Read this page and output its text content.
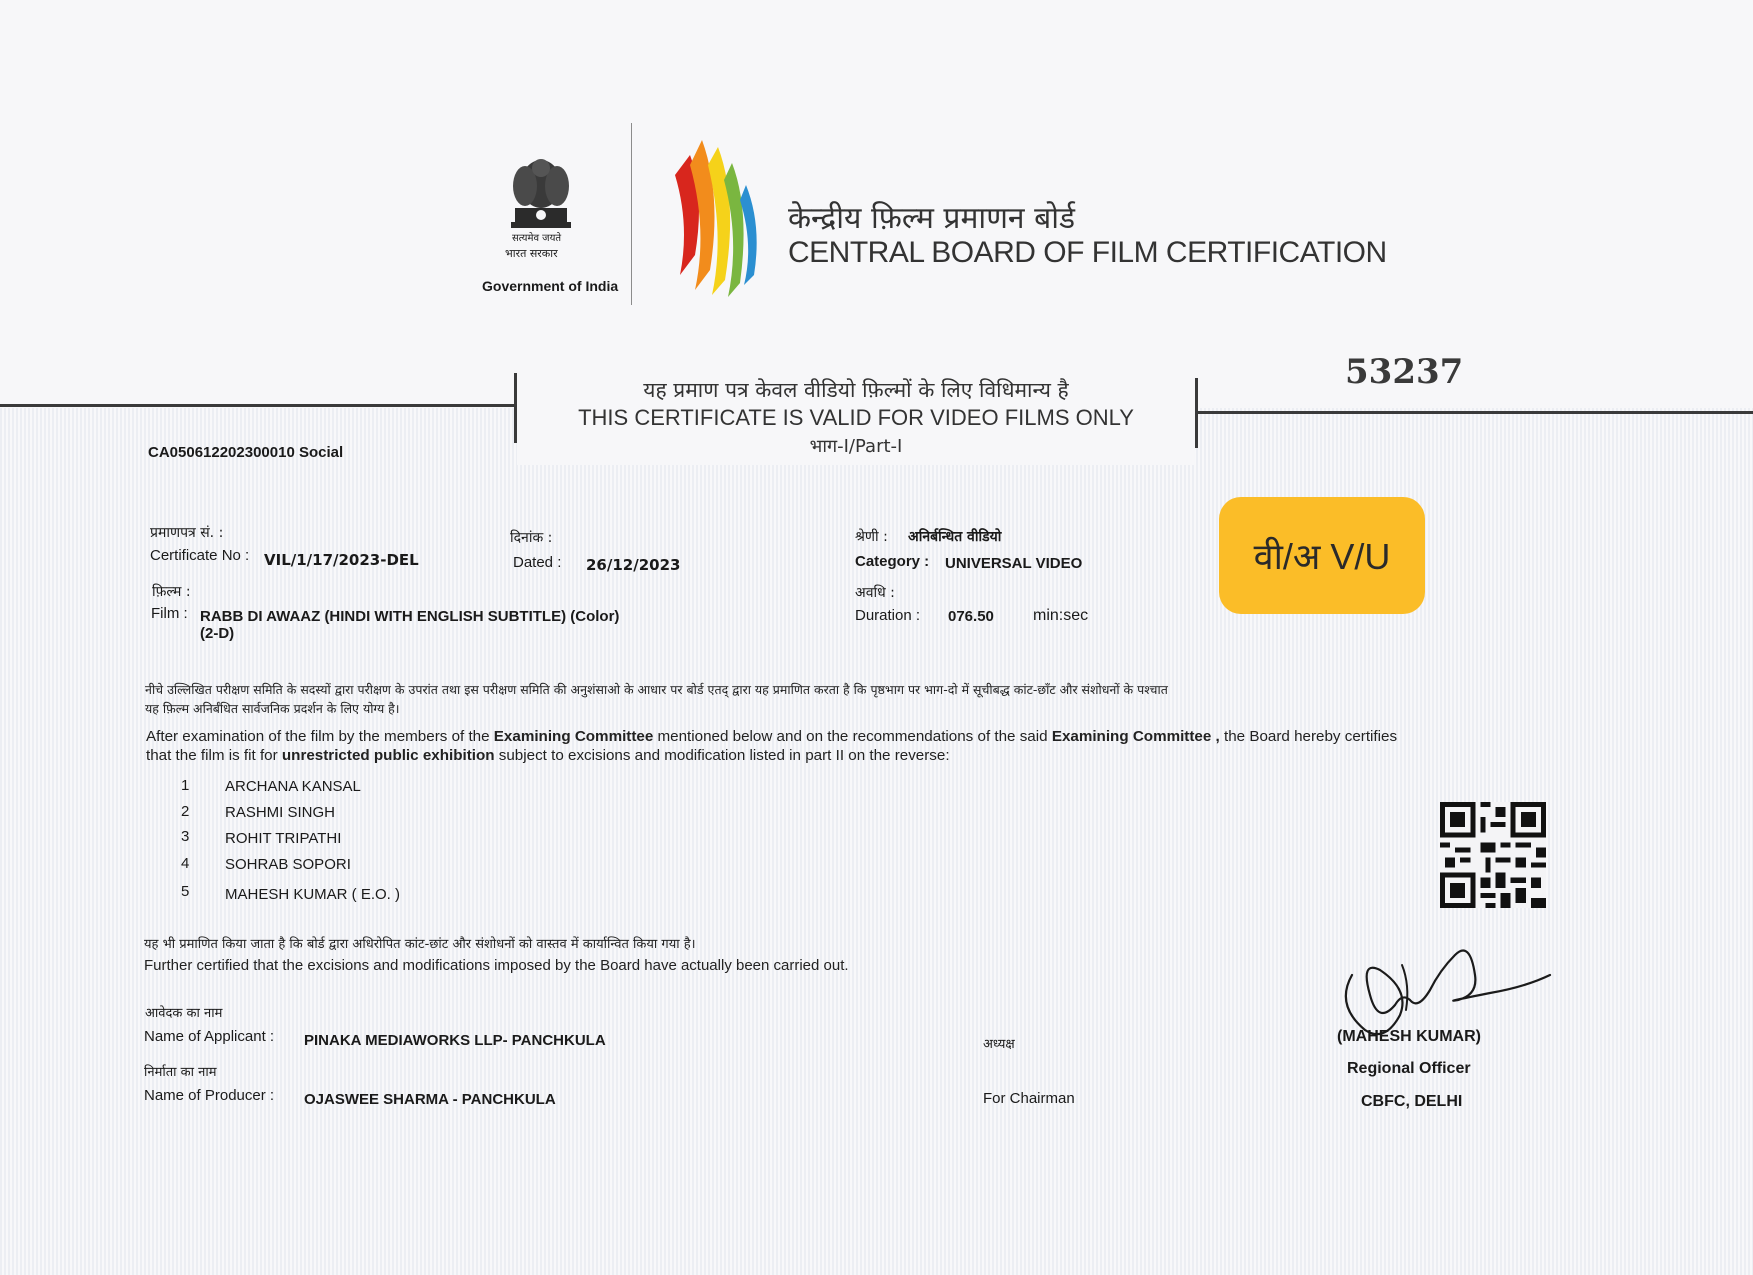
सत्यमेव जयते
भारत सरकार
Government of India
केन्द्रीय फ़िल्म प्रमाणन बोर्ड
CENTRAL BOARD OF FILM CERTIFICATION
53237
यह प्रमाण पत्र केवल वीडियो फ़िल्मों के लिए विधिमान्य है
THIS CERTIFICATE IS VALID FOR VIDEO FILMS ONLY
भाग-I/Part-I
CA050612202300010 Social
प्रमाणपत्र सं. :
Certificate No : VIL/1/17/2023-DEL
दिनांक :
Dated : 26/12/2023
श्रेणी : अनिर्बन्धित वीडियो
Category : UNIVERSAL VIDEO	वी/अ V/U
फ़िल्म :
Film : RABB DI AWAAZ (HINDI WITH ENGLISH SUBTITLE) (Color)
(2-D)
अवधि :
Duration : 076.50 min:sec
नीचे उल्लिखित परीक्षण समिति के सदस्यों द्वारा परीक्षण के उपरांत तथा इस परीक्षण समिति की अनुशंसाओ के आधार पर बोर्ड एतद् द्वारा यह प्रमाणित करता है कि पृष्ठभाग पर भाग-दो में सूचीबद्ध कांट-छाँट और संशोधनों के पश्चात
यह फ़िल्म अनिर्बंधित सार्वजनिक प्रदर्शन के लिए योग्य है।
After examination of the film by the members of the Examining Committee mentioned below and on the recommendations of the said Examining Committee , the Board hereby certifies
that the film is fit for unrestricted public exhibition subject to excisions and modification listed in part II on the reverse:
1 ARCHANA KANSAL
2 RASHMI SINGH
3 ROHIT TRIPATHI
4 SOHRAB SOPORI
5 MAHESH KUMAR ( E.O. )
यह भी प्रमाणित किया जाता है कि बोर्ड द्वारा अधिरोपित कांट-छांट और संशोधनों को वास्तव में कार्यान्वित किया गया है।
Further certified that the excisions and modifications imposed by the Board have actually been carried out.
आवेदक का नाम
Name of Applicant : PINAKA MEDIAWORKS LLP- PANCHKULA
निर्माता का नाम
Name of Producer : OJASWEE SHARMA - PANCHKULA
अध्यक्ष
For Chairman
(MAHESH KUMAR)
Regional Officer
CBFC, DELHI
